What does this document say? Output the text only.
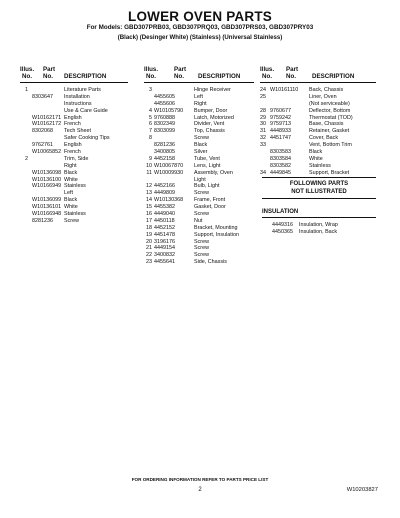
LOWER OVEN PARTS
For Models: GBD307PRB03, GBD307PRQ03, GBD307PRS03, GBD307PRY03
(Black) (Desinger White) (Stainless) (Universal Stainless)
Illus.
No.
Part
No. DESCRIPTION
1	Literature Parts
8303647 Installation
Instructions
Use & Care Guide
W10162171 English
W10162172 French
8302068 Tech Sheet
Safer Cooking Tips
9762761 English
W10065852 French
2	Trim, Side
Right
W10136098 Black
W10136100 White
W10166949 Stainless
Left
W10136099 Black
W10136101 White
W10166948 Stainless
8281236 Screw
Illus.
No.
Part
No. DESCRIPTION
3	Hinge Receiver
4455605	Left
4455606	Right
4 W10105790 Bumper, Door
5 9760888	Latch, Motorized
6 8302349	Divider, Vent
7 8303099	Top, Chassis
8	Screw
8281236	Black
3400805	Silver
9 4452158	Tube, Vent
10 W10067870 Lens, Light
11 W10009930 Assembly, Oven
Light
12 4452166	Bulb, Light
13 4449809	Screw
14 W10130368 Frame, Front
15 4455382	Gasket, Door
16 4449040	Screw
17 4450118	Nut
18 4452152	Bracket, Mounting
19 4451478	Support, Insulation
20 3196176	Screw
21 4449154	Screw
22 3400832	Screw
23 4455641	Side, Chassis
Illus.
No.
Part
No.	DESCRIPTION
24 W10161110 Back, Chassis
25	Liner, Oven
(Not serviceable)
28 9760677	Deflector, Bottom
29 9759242	Thermostat (TOD)
30 9759713	Base, Chassis
31 4448933	Retainer, Gasket
32 4451747	Cover, Back
33	Vent, Bottom Trim
8303583	Black
8303584	White
8303582	Stainless
34 4449845	Support, Bracket
FOLLOWING PARTS
NOT ILLUSTRATED
INSULATION
4449316 Insulation, Wrap
4450365 Insulation, Back
FOR ORDERING INFORMATION REFER TO PARTS PRICE LIST
2	W10203827
